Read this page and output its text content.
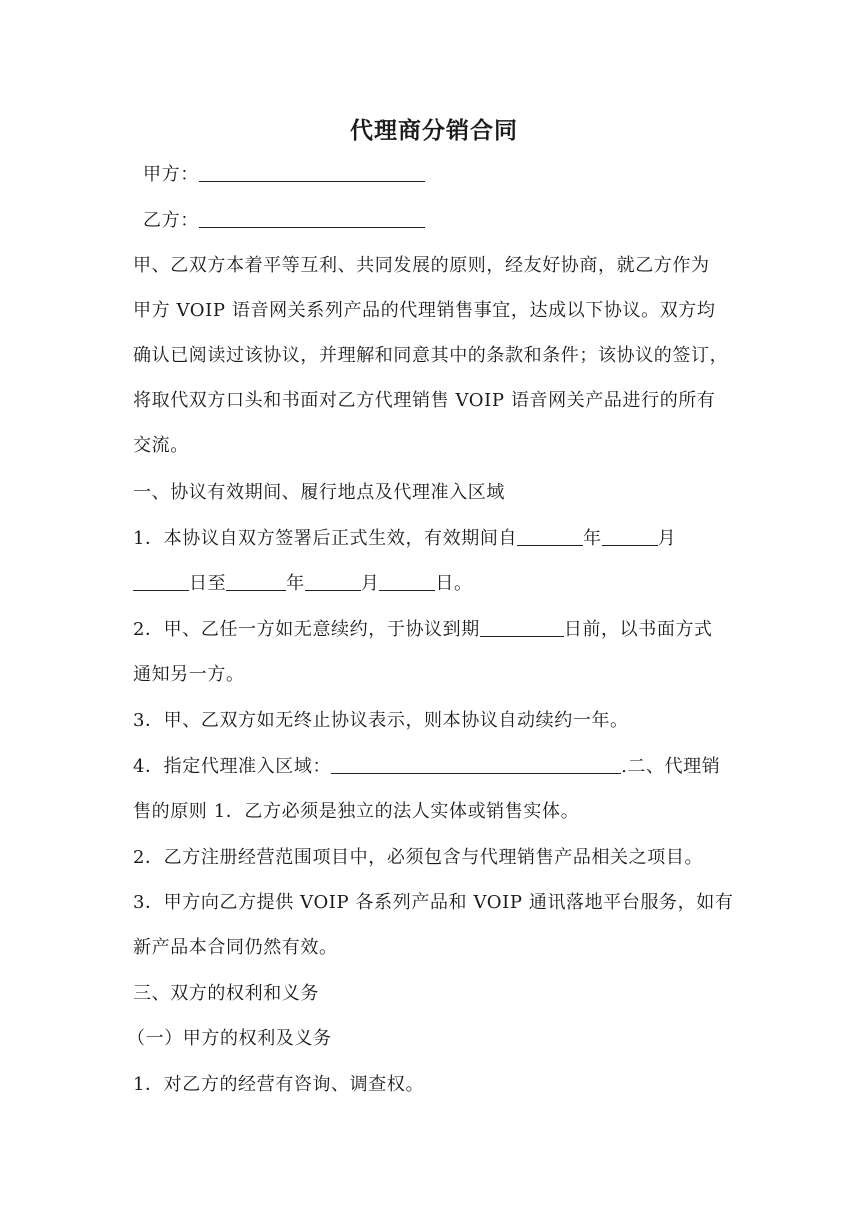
代理商分销合同
甲方：
乙方：
甲、乙双方本着平等互利、共同发展的原则，经友好协商，就乙方作为
甲方 VOIP 语音网关系列产品的代理销售事宜，达成以下协议。双方均
确认已阅读过该协议，并理解和同意其中的条款和条件；该协议的签订，
将取代双方口头和书面对乙方代理销售 VOIP 语音网关产品进行的所有
交流。
一、协议有效期间、履行地点及代理准入区域
1．本协议自双方签署后正式生效，有效期间自	年	月
日至	年	月	日。
2．甲、乙任一方如无意续约，于协议到期	日前，以书面方式
通知另一方。
3．甲、乙双方如无终止协议表示，则本协议自动续约一年。
4．指定代理准入区域：	.二、代理销
售的原则 1．乙方必须是独立的法人实体或销售实体。
2．乙方注册经营范围项目中，必须包含与代理销售产品相关之项目。
3．甲方向乙方提供 VOIP 各系列产品和 VOIP 通讯落地平台服务，如有
新产品本合同仍然有效。
三、双方的权利和义务
（一）甲方的权利及义务
1．对乙方的经营有咨询、调查权。
